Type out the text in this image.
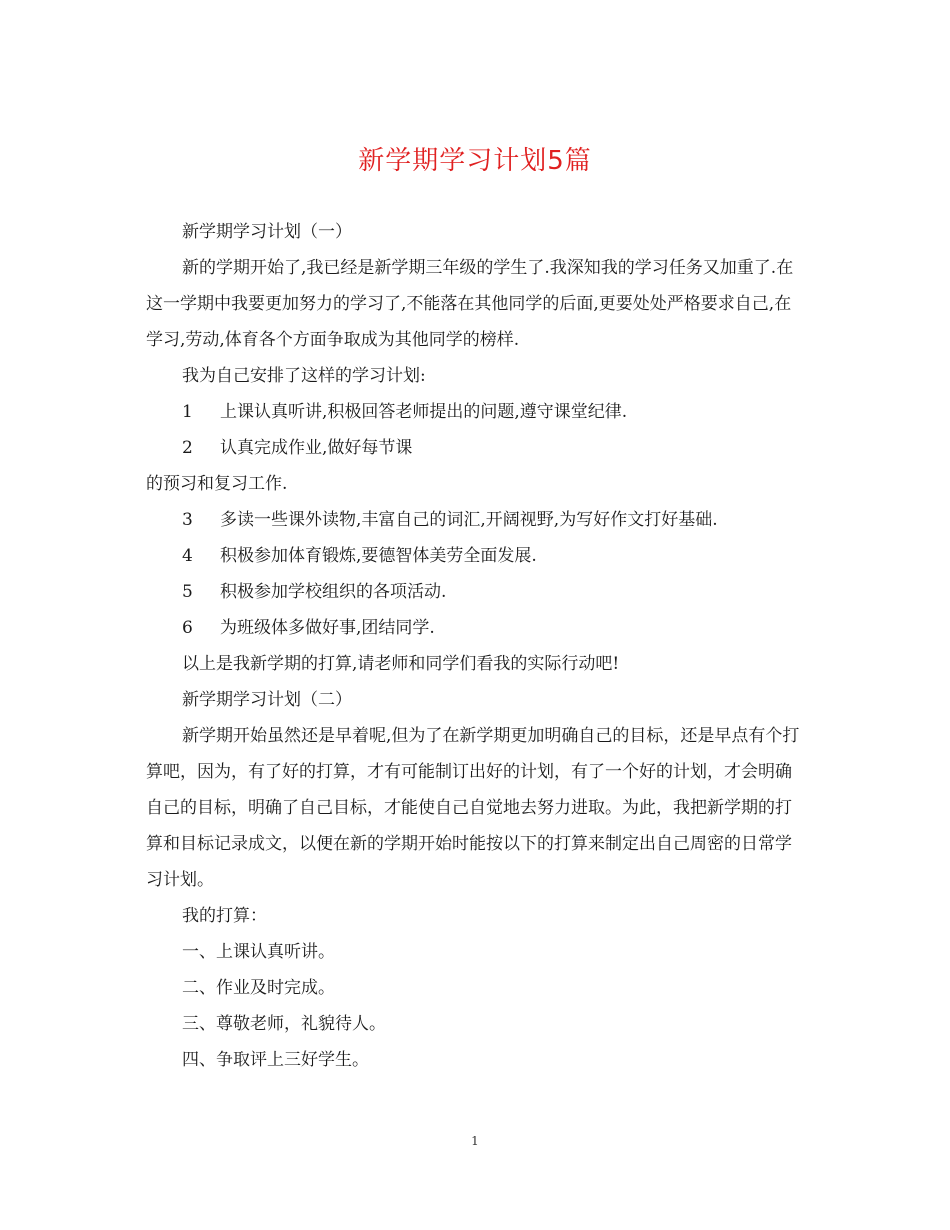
新学期学习计划5篇

新学期学习计划（一）

新的学期开始了,我已经是新学期三年级的学生了.我深知我的学习任务又加重了.在这一学期中我要更加努力的学习了,不能落在其他同学的后面,更要处处严格要求自己,在学习,劳动,体育各个方面争取成为其他同学的榜样.

我为自己安排了这样的学习计划:

1	上课认真听讲,积极回答老师提出的问题,遵守课堂纪律.
2	认真完成作业,做好每节课

的预习和复习工作.

3	多读一些课外读物,丰富自己的词汇,开阔视野,为写好作文打好基础.
4	积极参加体育锻炼,要德智体美劳全面发展.
5	积极参加学校组织的各项活动.
6	为班级体多做好事,团结同学.

以上是我新学期的打算,请老师和同学们看我的实际行动吧!

新学期学习计划（二）

新学期开始虽然还是早着呢,但为了在新学期更加明确自己的目标，还是早点有个打算吧，因为，有了好的打算，才有可能制订出好的计划，有了一个好的计划，才会明确自己的目标，明确了自己目标，才能使自己自觉地去努力进取。为此，我把新学期的打算和目标记录成文，以便在新的学期开始时能按以下的打算来制定出自己周密的日常学习计划。

我的打算：

一、上课认真听讲。

二、作业及时完成。

三、尊敬老师，礼貌待人。

四、争取评上三好学生。

1
